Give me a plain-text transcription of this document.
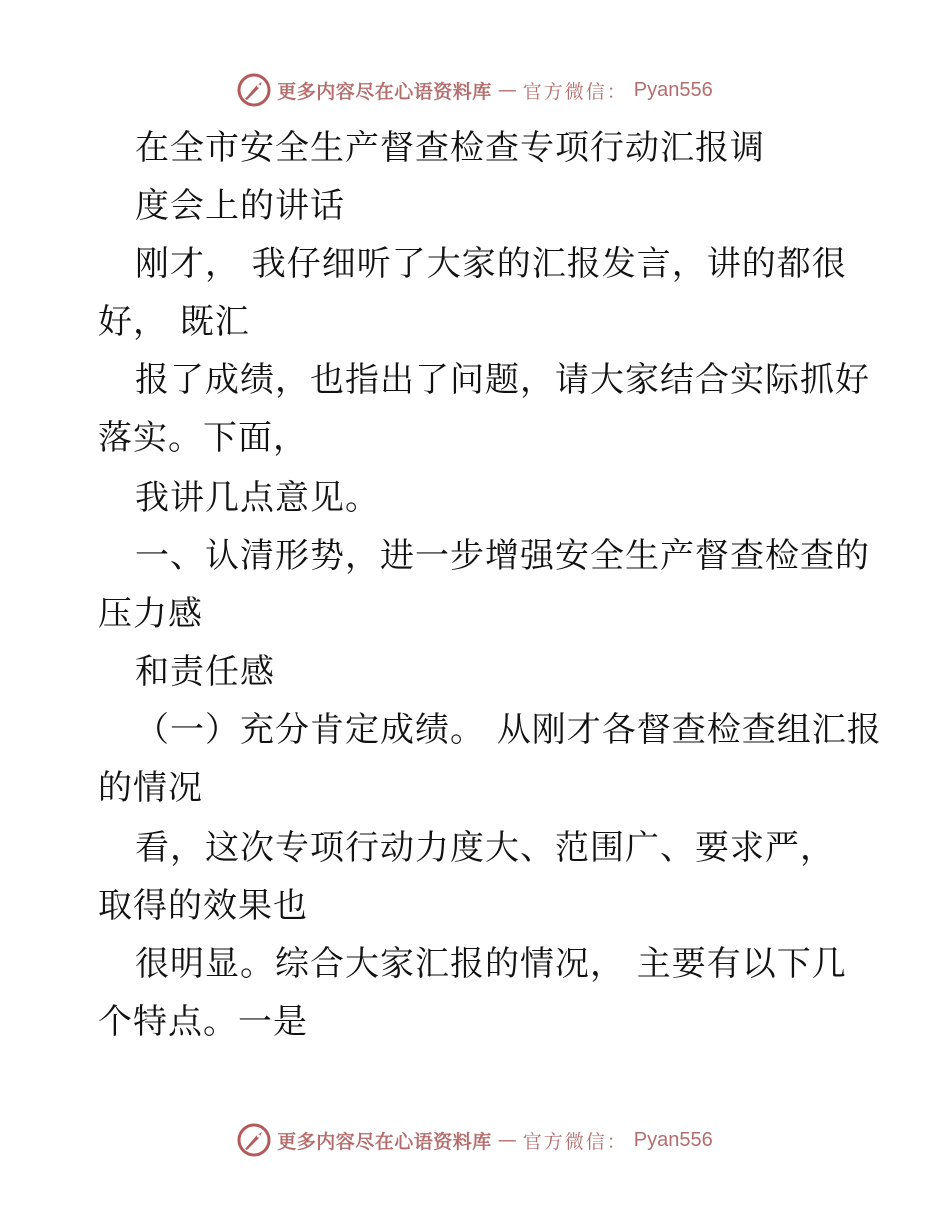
更多内容尽在心语资料库 — 官方微信： Pyan556
在全市安全生产督查检查专项行动汇报调
度会上的讲话
刚才， 我仔细听了大家的汇报发言，讲的都很
好， 既汇
报了成绩，也指出了问题，请大家结合实际抓好
落实。下面，
我讲几点意见。
一、认清形势，进一步增强安全生产督查检查的
压力感
和责任感
（一）充分肯定成绩。 从刚才各督查检查组汇报
的情况
看，这次专项行动力度大、范围广、要求严，
取得的效果也
很明显。综合大家汇报的情况， 主要有以下几
个特点。一是
更多内容尽在心语资料库 — 官方微信： Pyan556
